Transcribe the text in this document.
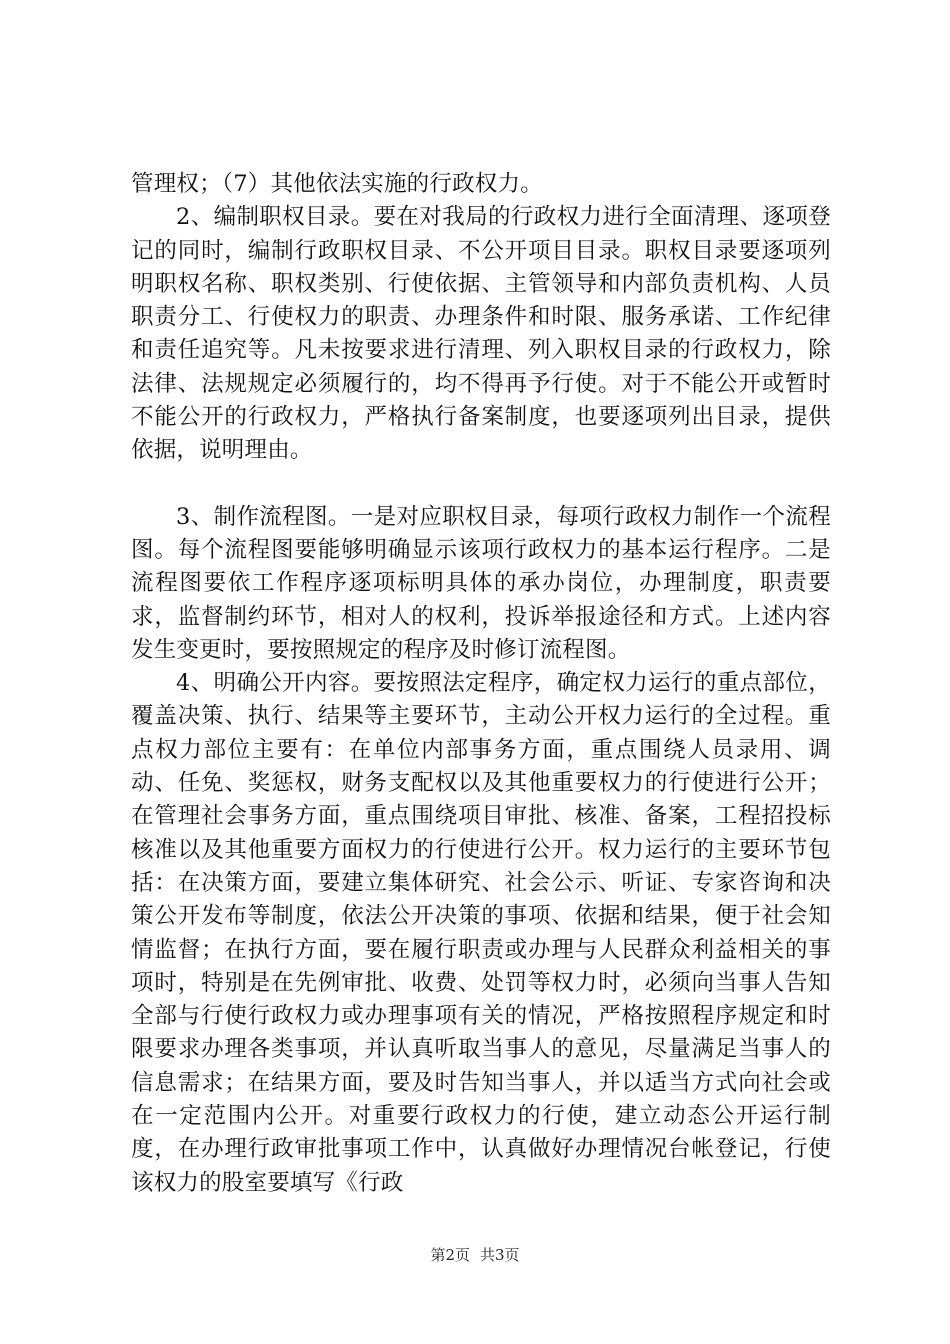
管理权；（7）其他依法实施的行政权力。

2、编制职权目录。要在对我局的行政权力进行全面清理、逐项登记的同时，编制行政职权目录、不公开项目目录。职权目录要逐项列明职权名称、职权类别、行使依据、主管领导和内部负责机构、人员职责分工、行使权力的职责、办理条件和时限、服务承诺、工作纪律和责任追究等。凡未按要求进行清理、列入职权目录的行政权力，除法律、法规规定必须履行的，均不得再予行使。对于不能公开或暂时不能公开的行政权力，严格执行备案制度，也要逐项列出目录，提供依据，说明理由。

3、制作流程图。一是对应职权目录，每项行政权力制作一个流程图。每个流程图要能够明确显示该项行政权力的基本运行程序。二是流程图要依工作程序逐项标明具体的承办岗位，办理制度，职责要求，监督制约环节，相对人的权利，投诉举报途径和方式。上述内容发生变更时，要按照规定的程序及时修订流程图。

4、明确公开内容。要按照法定程序，确定权力运行的重点部位，覆盖决策、执行、结果等主要环节，主动公开权力运行的全过程。重点权力部位主要有：在单位内部事务方面，重点围绕人员录用、调动、任免、奖惩权，财务支配权以及其他重要权力的行使进行公开；在管理社会事务方面，重点围绕项目审批、核准、备案，工程招投标核准以及其他重要方面权力的行使进行公开。权力运行的主要环节包括：在决策方面，要建立集体研究、社会公示、听证、专家咨询和决策公开发布等制度，依法公开决策的事项、依据和结果，便于社会知情监督；在执行方面，要在履行职责或办理与人民群众利益相关的事项时，特别是在先例审批、收费、处罚等权力时，必须向当事人告知全部与行使行政权力或办理事项有关的情况，严格按照程序规定和时限要求办理各类事项，并认真听取当事人的意见，尽量满足当事人的信息需求；在结果方面，要及时告知当事人，并以适当方式向社会或在一定范围内公开。对重要行政权力的行使，建立动态公开运行制度，在办理行政审批事项工作中，认真做好办理情况台帐登记，行使该权力的股室要填写《行政

第2页 共3页
